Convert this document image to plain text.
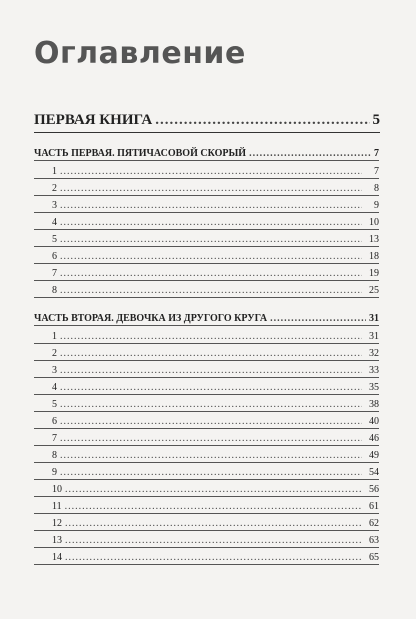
Оглавление
ПЕРВАЯ КНИГА .....	5
ЧАСТЬ ПЕРВАЯ. ПЯТИЧАСОВОЙ СКОРЫЙ .....	7
1 .....	7
2 .....	8
3 .....	9
4 .....	10
5 .....	13
6 .....	18
7 .....	19
8 .....	25
ЧАСТЬ ВТОРАЯ. ДЕВОЧКА ИЗ ДРУГОГО КРУГА .....	31
1 .....	31
2 .....	32
3 .....	33
4 .....	35
5 .....	38
6 .....	40
7 .....	46
8 .....	49
9 .....	54
10 .....	56
11 .....	61
12 .....	62
13 .....	63
14 .....	65
